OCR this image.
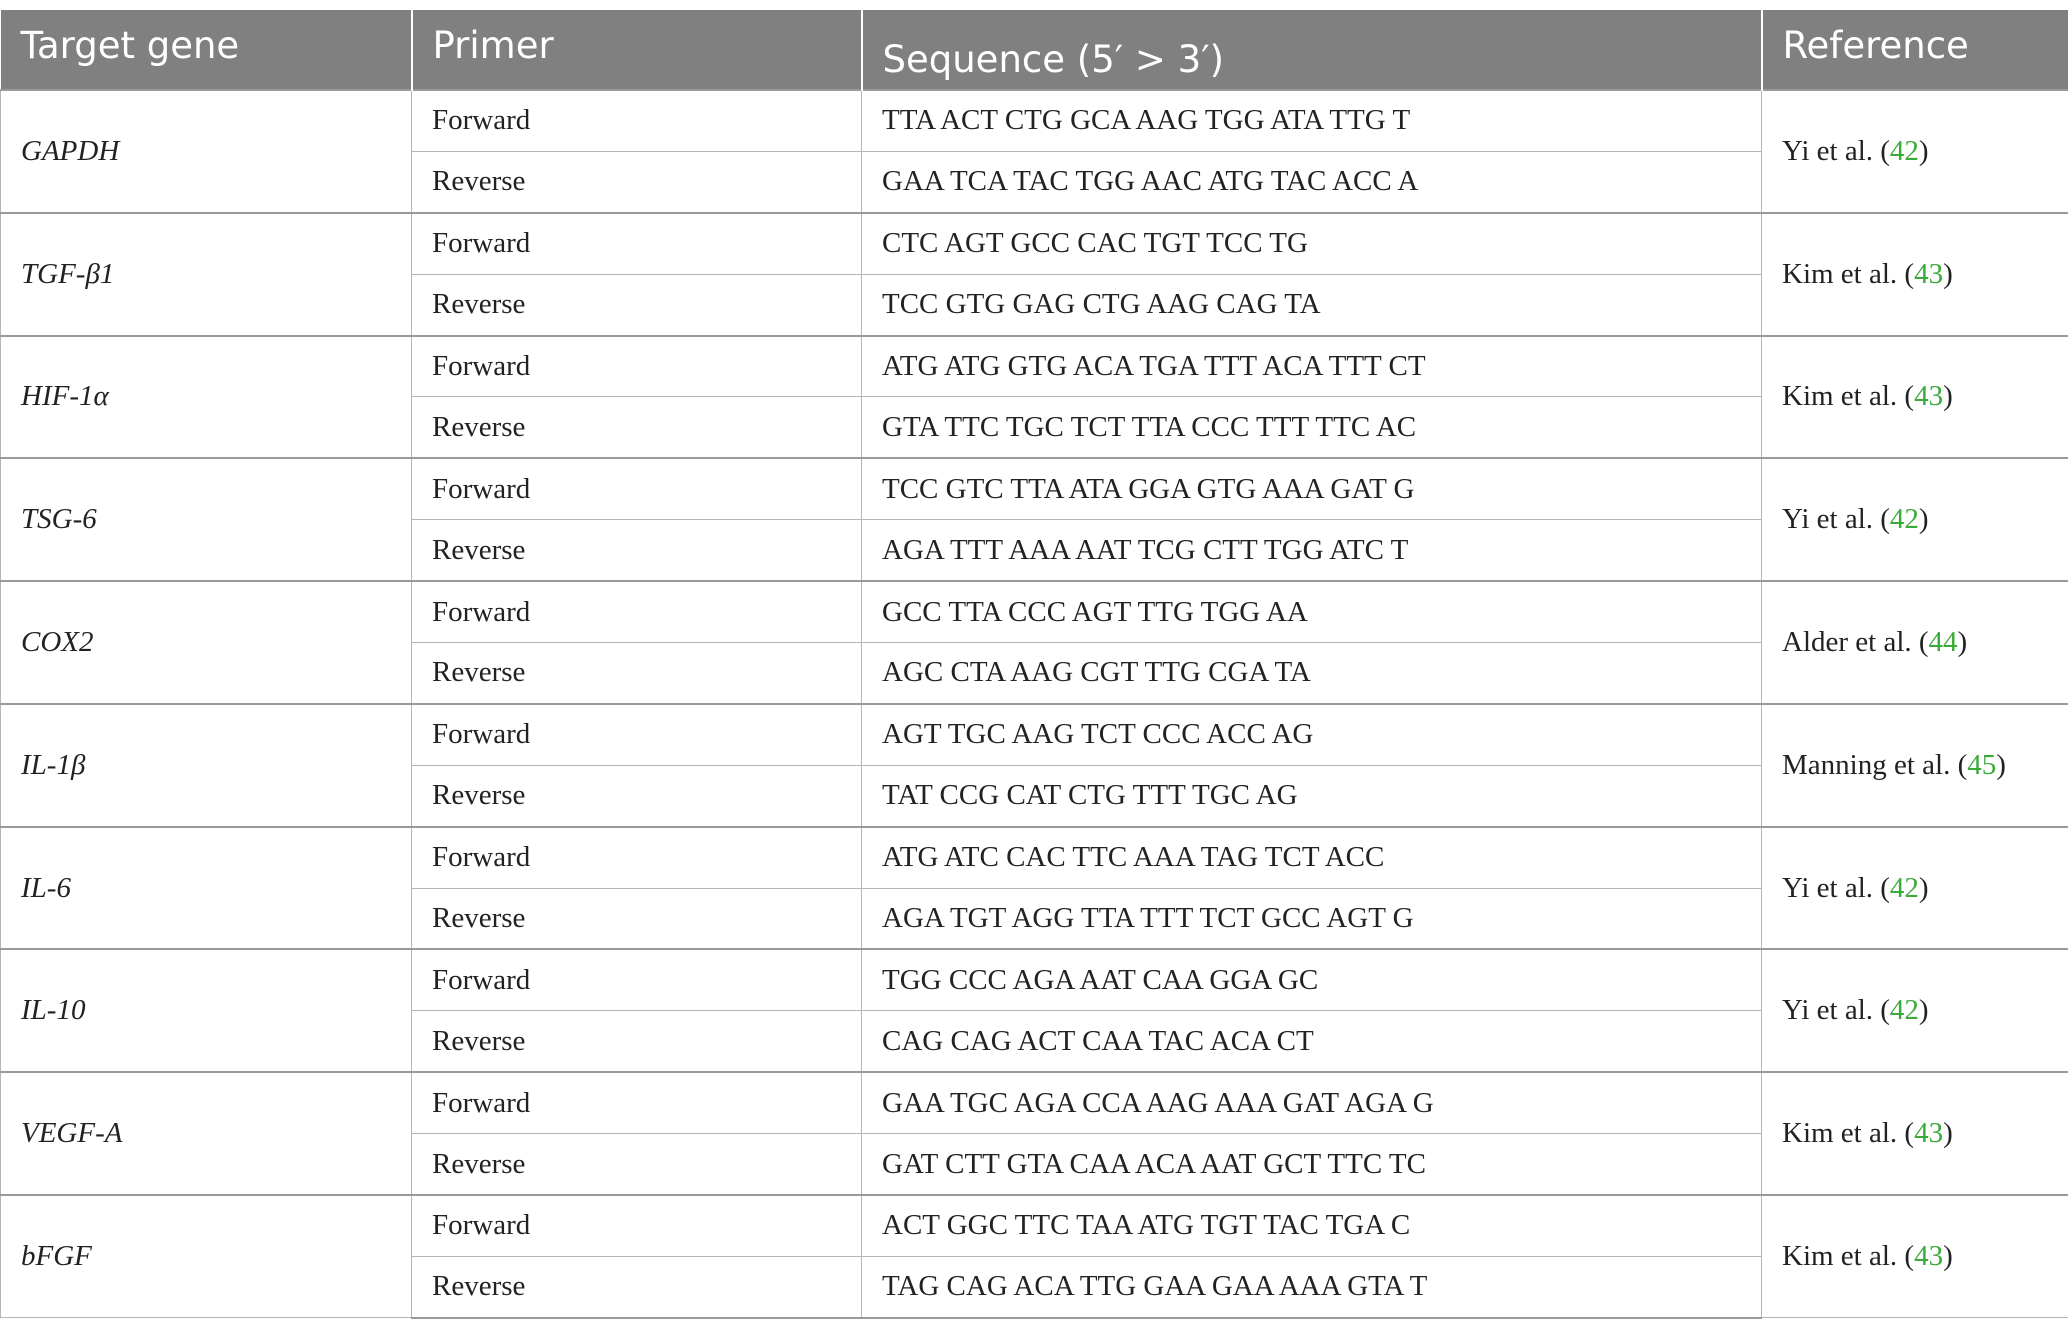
Target gene	Primer	Sequence (5′ > 3′)	Reference
GAPDH	Forward	TTA ACT CTG GCA AAG TGG ATA TTG T	Yi et al. (42)
	Reverse	GAA TCA TAC TGG AAC ATG TAC ACC A	
TGF-β1	Forward	CTC AGT GCC CAC TGT TCC TG	Kim et al. (43)
	Reverse	TCC GTG GAG CTG AAG CAG TA	
HIF-1α	Forward	ATG ATG GTG ACA TGA TTT ACA TTT CT	Kim et al. (43)
	Reverse	GTA TTC TGC TCT TTA CCC TTT TTC AC	
TSG-6	Forward	TCC GTC TTA ATA GGA GTG AAA GAT G	Yi et al. (42)
	Reverse	AGA TTT AAA AAT TCG CTT TGG ATC T	
COX2	Forward	GCC TTA CCC AGT TTG TGG AA	Alder et al. (44)
	Reverse	AGC CTA AAG CGT TTG CGA TA	
IL-1β	Forward	AGT TGC AAG TCT CCC ACC AG	Manning et al. (45)
	Reverse	TAT CCG CAT CTG TTT TGC AG	
IL-6	Forward	ATG ATC CAC TTC AAA TAG TCT ACC	Yi et al. (42)
	Reverse	AGA TGT AGG TTA TTT TCT GCC AGT G	
IL-10	Forward	TGG CCC AGA AAT CAA GGA GC	Yi et al. (42)
	Reverse	CAG CAG ACT CAA TAC ACA CT	
VEGF-A	Forward	GAA TGC AGA CCA AAG AAA GAT AGA G	Kim et al. (43)
	Reverse	GAT CTT GTA CAA ACA AAT GCT TTC TC	
bFGF	Forward	ACT GGC TTC TAA ATG TGT TAC TGA C	Kim et al. (43)
	Reverse	TAG CAG ACA TTG GAA GAA AAA GTA T	
